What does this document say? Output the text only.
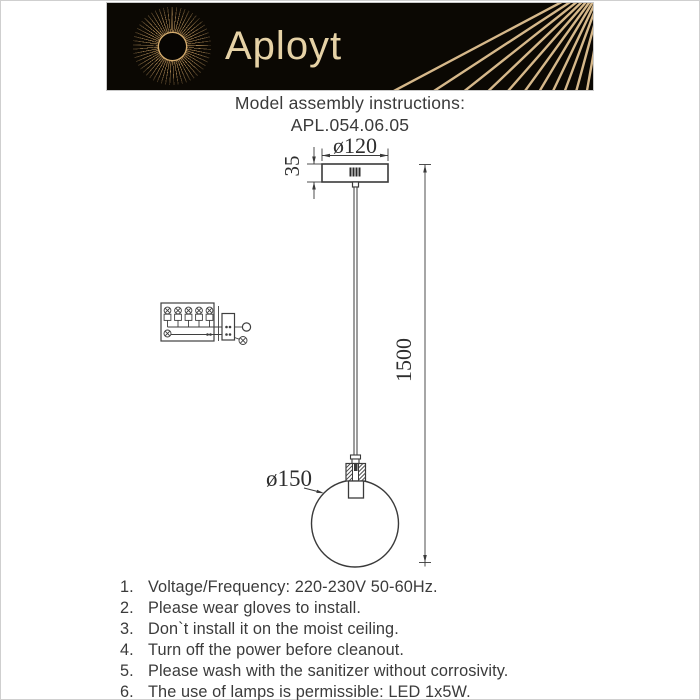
Aployt
Model assembly instructions:
APL.054.06.05
ø120
35
1500
ø150
1. Voltage/Frequency: 220-230V 50-60Hz.
2. Please wear gloves to install.
3. Don`t install it on the moist ceiling.
4. Turn off the power before cleanout.
5. Please wash with the sanitizer without corrosivity.
6. The use of lamps is permissible: LED 1x5W.
